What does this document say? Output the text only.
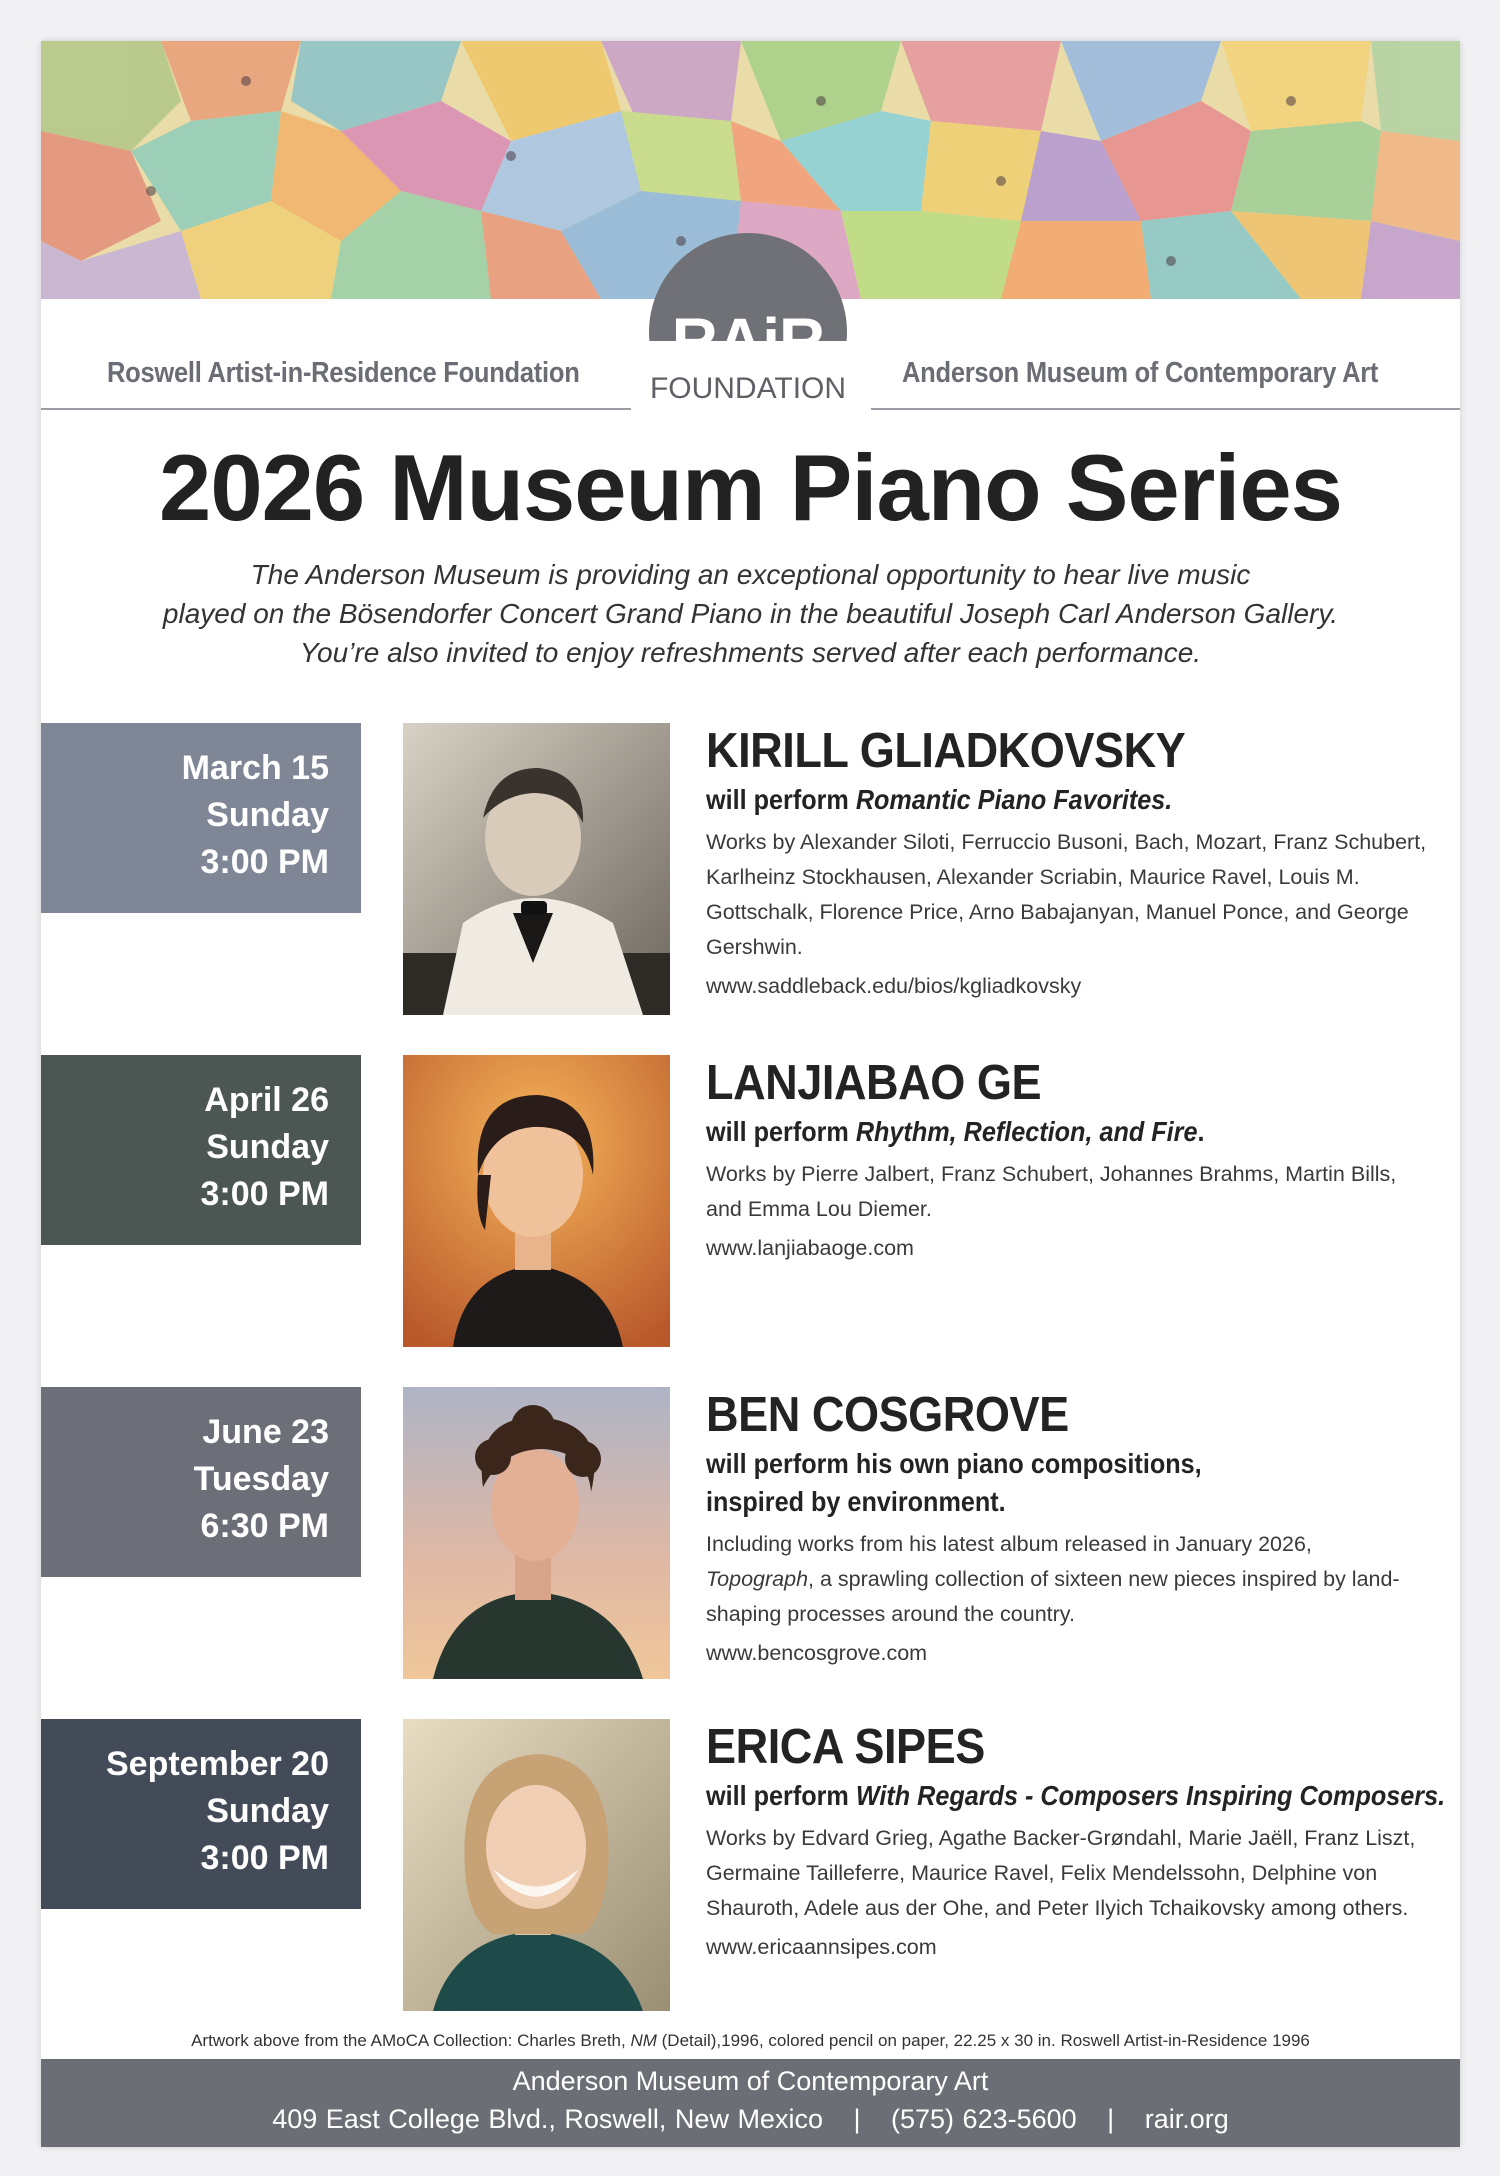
Roswell Artist-in-Residence Foundation	Anderson Museum of Contemporary Art
RAiR
FOUNDATION
2026 Museum Piano Series
The Anderson Museum is providing an exceptional opportunity to hear live music
played on the Bösendorfer Concert Grand Piano in the beautiful Joseph Carl Anderson Gallery.
You’re also invited to enjoy refreshments served after each performance.
March 15
Sunday
3:00 PM
KIRILL GLIADKOVSKY
will perform Romantic Piano Favorites.
Works by Alexander Siloti, Ferruccio Busoni, Bach, Mozart, Franz Schubert, Karlheinz Stockhausen, Alexander Scriabin, Maurice Ravel, Louis M. Gottschalk, Florence Price, Arno Babajanyan, Manuel Ponce, and George Gershwin.
www.saddleback.edu/bios/kgliadkovsky
April 26
Sunday
3:00 PM
LANJIABAO GE
will perform Rhythm, Reflection, and Fire.
Works by Pierre Jalbert, Franz Schubert, Johannes Brahms, Martin Bills, and Emma Lou Diemer.
www.lanjiabaoge.com
June 23
Tuesday
6:30 PM
BEN COSGROVE
will perform his own piano compositions,
inspired by environment.
Including works from his latest album released in January 2026,
Topograph, a sprawling collection of sixteen new pieces inspired by land-shaping processes around the country.
www.bencosgrove.com
September 20
Sunday
3:00 PM
ERICA SIPES
will perform With Regards - Composers Inspiring Composers.
Works by Edvard Grieg, Agathe Backer-Grøndahl, Marie Jaëll, Franz Liszt, Germaine Tailleferre, Maurice Ravel, Felix Mendelssohn, Delphine von Shauroth, Adele aus der Ohe, and Peter Ilyich Tchaikovsky among others.
www.ericaannsipes.com
Artwork above from the AMoCA Collection: Charles Breth, NM (Detail),1996, colored pencil on paper, 22.25 x 30 in. Roswell Artist-in-Residence 1996
Anderson Museum of Contemporary Art
409 East College Blvd., Roswell, New Mexico | (575) 623-5600 | rair.org
